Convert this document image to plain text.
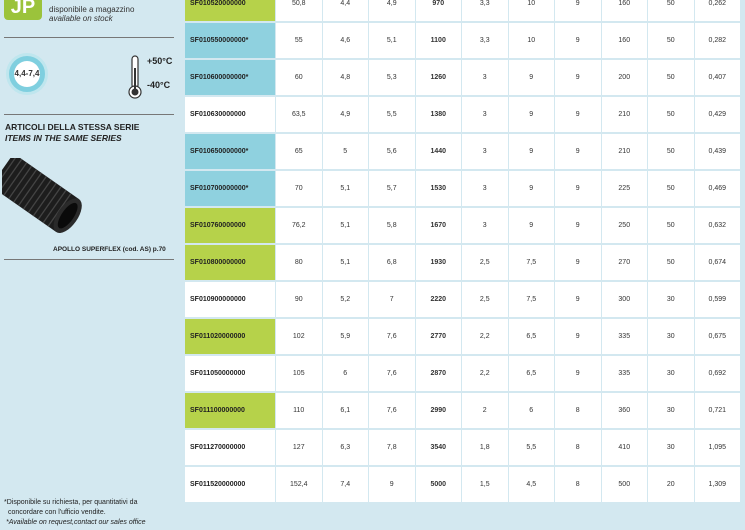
JP	disponibile a magazzino
available on stock
4,4-7,4
+50°C
-40°C
ARTICOLI DELLA STESSA SERIE
ITEMS IN THE SAME SERIES
APOLLO SUPERFLEX (cod. AS) p.70
*Disponibile su richiesta, per quantitativi da
concordare con l'ufficio vendite.
*Available on request,contact our sales office
SF010520000000	50,8	4,4	4,9	970	3,3	10	9	160	50	0,262
SF010550000000*	55	4,6	5,1	1100	3,3	10	9	160	50	0,282
SF010600000000*	60	4,8	5,3	1260	3	9	9	200	50	0,407
SF010630000000	63,5	4,9	5,5	1380	3	9	9	210	50	0,429
SF010650000000*	65	5	5,6	1440	3	9	9	210	50	0,439
SF010700000000*	70	5,1	5,7	1530	3	9	9	225	50	0,469
SF010760000000	76,2	5,1	5,8	1670	3	9	9	250	50	0,632
SF010800000000	80	5,1	6,8	1930	2,5	7,5	9	270	50	0,674
SF010900000000	90	5,2	7	2220	2,5	7,5	9	300	30	0,599
SF011020000000	102	5,9	7,6	2770	2,2	6,5	9	335	30	0,675
SF011050000000	105	6	7,6	2870	2,2	6,5	9	335	30	0,692
SF011100000000	110	6,1	7,6	2990	2	6	8	360	30	0,721
SF011270000000	127	6,3	7,8	3540	1,8	5,5	8	410	30	1,095
SF011520000000	152,4	7,4	9	5000	1,5	4,5	8	500	20	1,309
